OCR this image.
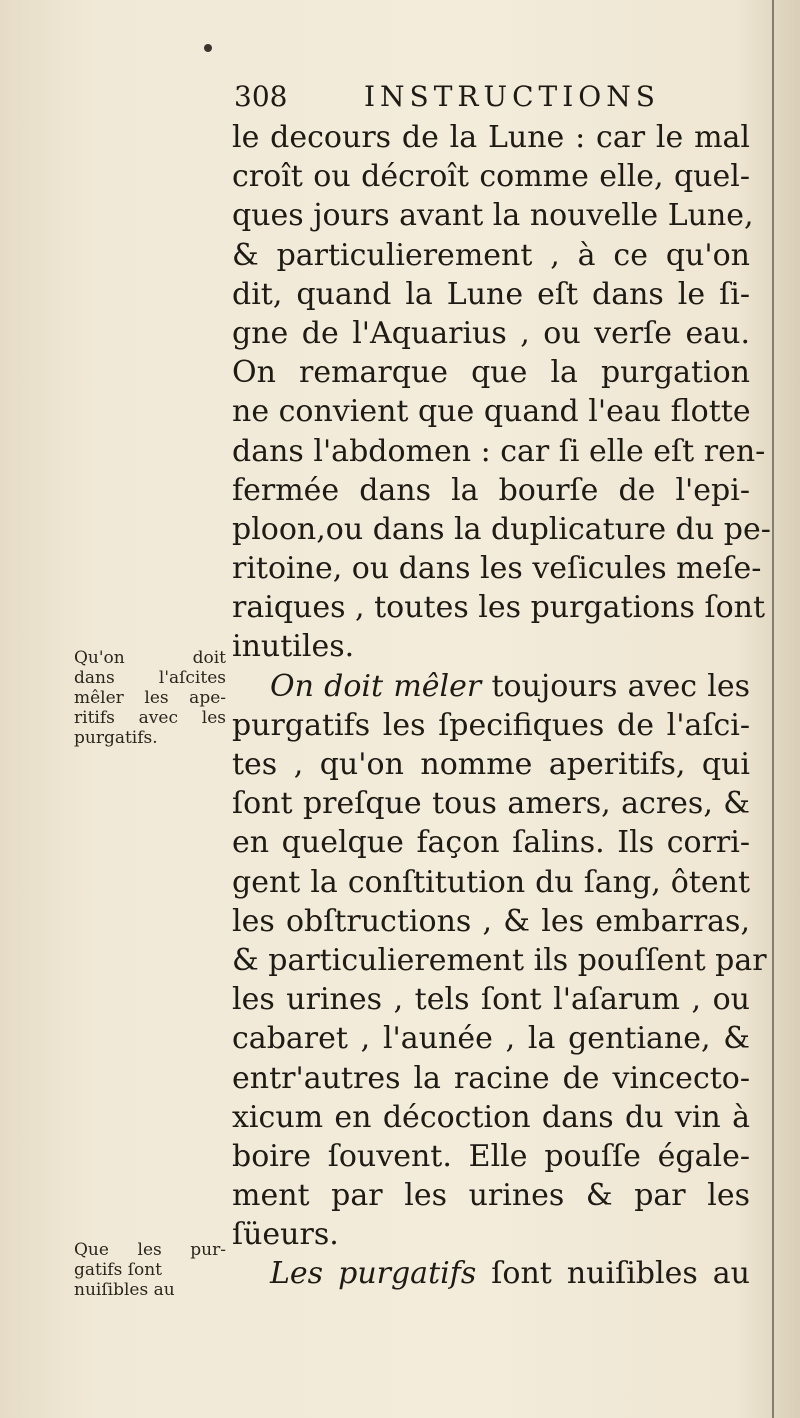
308	INSTRUCTIONS
le decours de la Lune : car le mal
croît ou décroît comme elle, quel-
ques jours avant la nouvelle Lune,
& particulierement , à ce qu'on
dit, quand la Lune eſt dans le ſi-
gne de l'Aquarius , ou verſe eau.
On remarque que la purgation
ne convient que quand l'eau flotte
dans l'abdomen : car ſi elle eſt ren-
fermée dans la bourſe de l'epi-
ploon,ou dans la duplicature du pe-
ritoine, ou dans les veſicules meſe-
raiques , toutes les purgations ſont
inutiles.
On doit mêler toujours avec les
purgatifs les ſpecifiques de l'aſci-
tes , qu'on nomme aperitifs, qui
ſont preſque tous amers, acres, &
en quelque façon ſalins. Ils corri-
gent la conſtitution du ſang, ôtent
les obſtructions , & les embarras,
& particulierement ils pouſſent par
les urines , tels ſont l'aſarum , ou
cabaret , l'aunée , la gentiane, &
entr'autres la racine de vincecto-
xicum en décoction dans du vin à
boire ſouvent. Elle pouſſe égale-
ment par les urines & par les
ſüeurs.
Les purgatifs ſont nuiſibles au
Qu'on doit
dans l'aſcites
mêler les ape-
ritifs avec les
purgatifs.
Que les pur-
gatifs ſont
nuiſibles au
